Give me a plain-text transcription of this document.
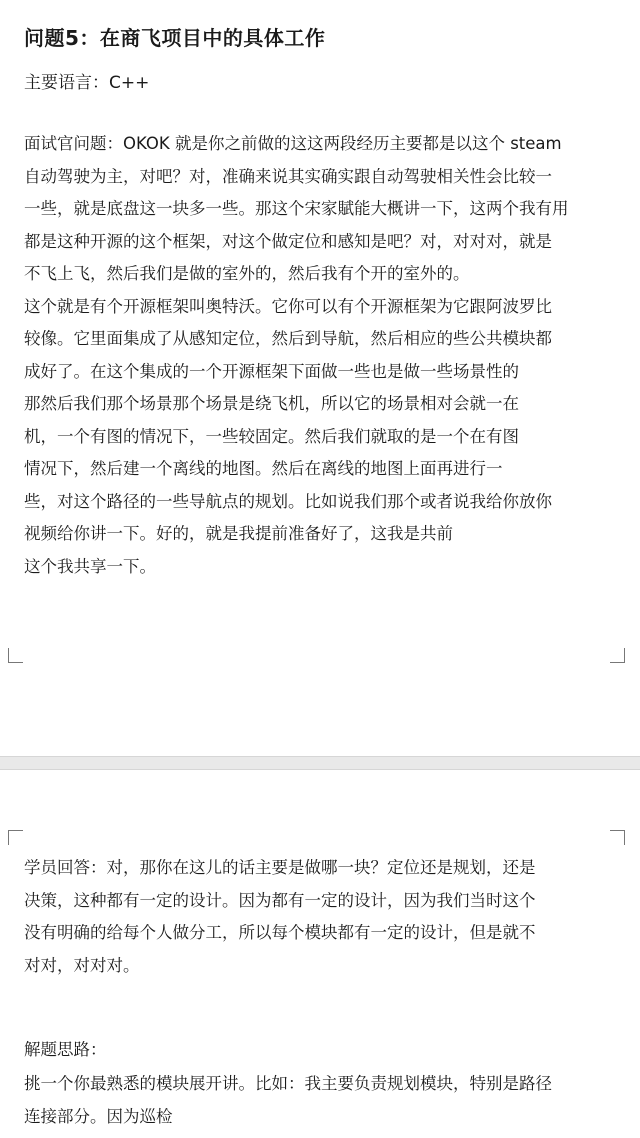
问题5：在商飞项目中的具体工作

主要语言：C++

面试官问题：OKOK 就是你之前做的这这两段经历主要都是以这个 steam
自动驾驶为主，对吧？对，准确来说其实确实跟自动驾驶相关性会比较一
一些，就是底盘这一块多一些。那这个宋家賦能大概讲一下，这两个我有用
都是这种开源的这个框架，对这个做定位和感知是吧？对，对对对，就是
不飞上飞，然后我们是做的室外的，然后我有个开的室外的。
这个就是有个开源框架叫奥特沃。它你可以有个开源框架为它跟阿波罗比
较像。它里面集成了从感知定位，然后到导航，然后相应的些公共模块都
成好了。在这个集成的一个开源框架下面做一些也是做一些场景性的
那然后我们那个场景那个场景是绕飞机，所以它的场景相对会就一在
机，一个有图的情况下，一些较固定。然后我们就取的是一个在有图
情况下，然后建一个离线的地图。然后在离线的地图上面再进行一
些，对这个路径的一些导航点的规划。比如说我们那个或者说我给你放你
视频给你讲一下。好的，就是我提前准备好了，这我是共前
这个我共享一下。
学员回答：对，那你在这儿的话主要是做哪一块？定位还是规划，还是
决策，这种都有一定的设计。因为都有一定的设计，因为我们当时这个
没有明确的给每个人做分工，所以每个模块都有一定的设计，但是就不
对对，对对对。

解题思路：

挑一个你最熟悉的模块展开讲。比如：我主要负责规划模块，特别是路径
连接部分。因为巡检
